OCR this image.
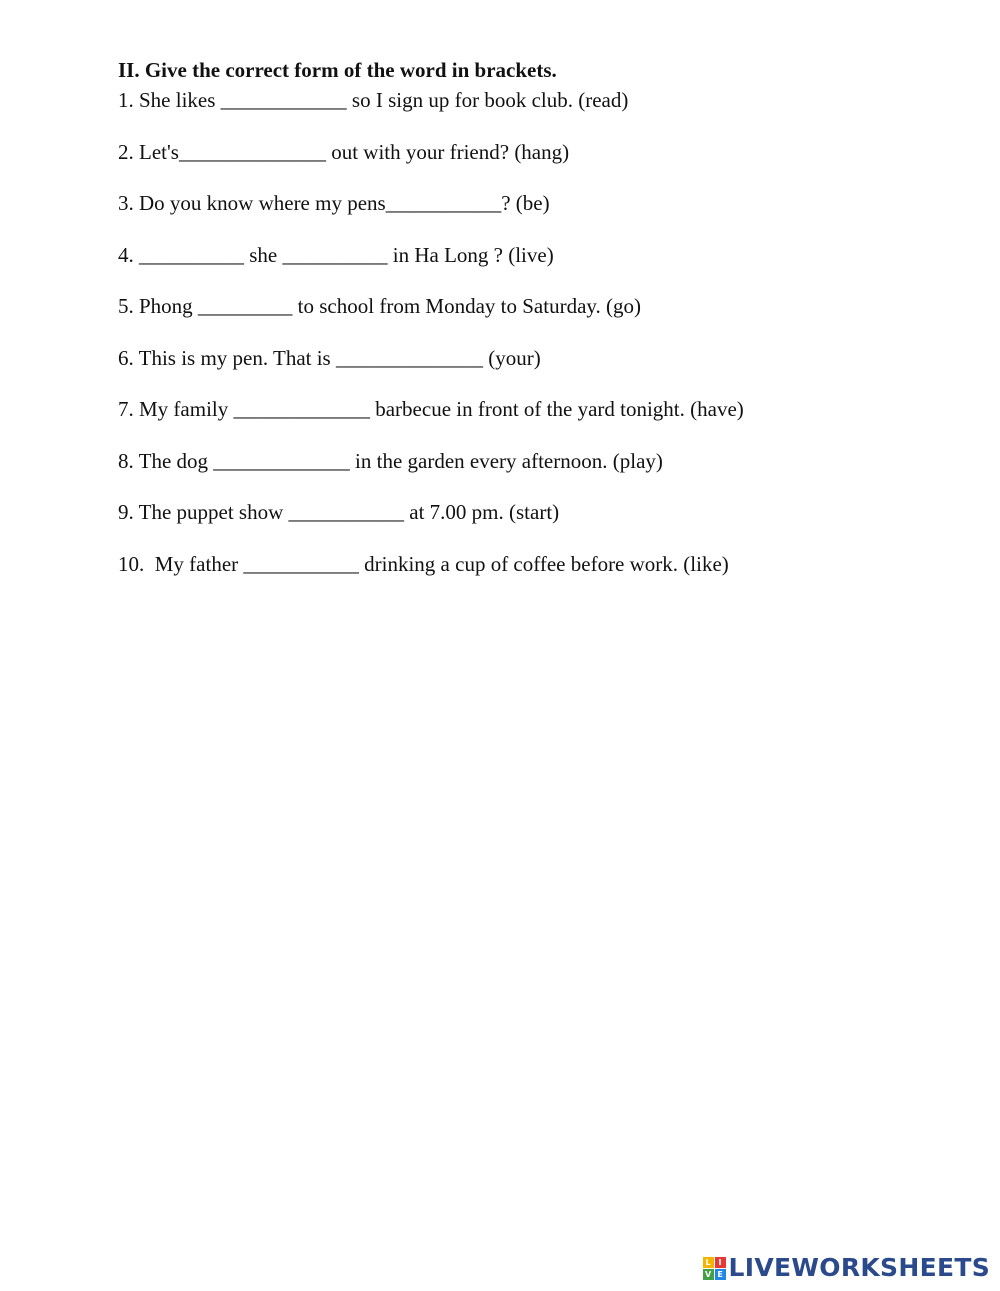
II. Give the correct form of the word in brackets.

1. She likes ____________ so I sign up for book club. (read)

2. Let's______________ out with your friend? (hang)

3. Do you know where my pens___________? (be)

4. __________ she __________ in Ha Long ? (live)

5. Phong _________ to school from Monday to Saturday. (go)

6. This is my pen. That is ______________ (your)

7. My family _____________ barbecue in front of the yard tonight. (have)

8. The dog _____________ in the garden every afternoon. (play)

9. The puppet show ___________ at 7.00 pm. (start)

10.  My father ___________ drinking a cup of coffee before work. (like)

L I
V E LIVEWORKSHEETS
